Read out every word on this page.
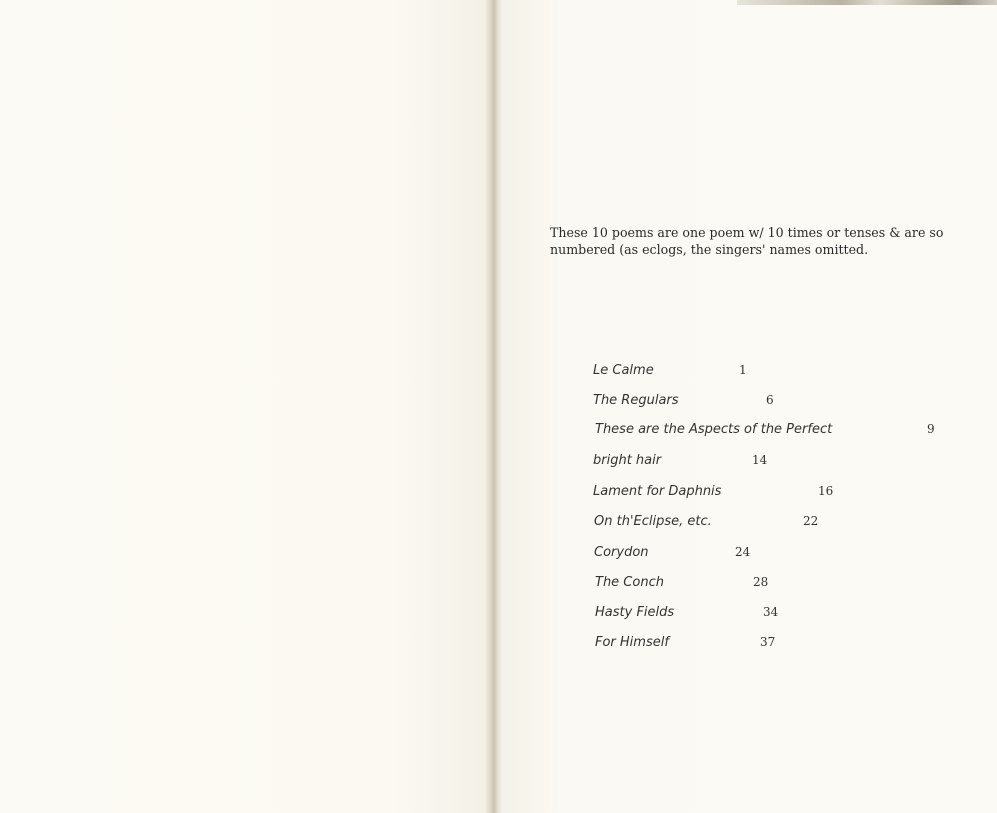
These 10 poems are one poem w/ 10 times or tenses & are so numbered (as eclogs, the singers' names omitted.

Le Calme	1
The Regulars	6
These are the Aspects of the Perfect	9
bright hair	14
Lament for Daphnis	16
On th'Eclipse, etc.	22
Corydon	24
The Conch	28
Hasty Fields	34
For Himself	37
